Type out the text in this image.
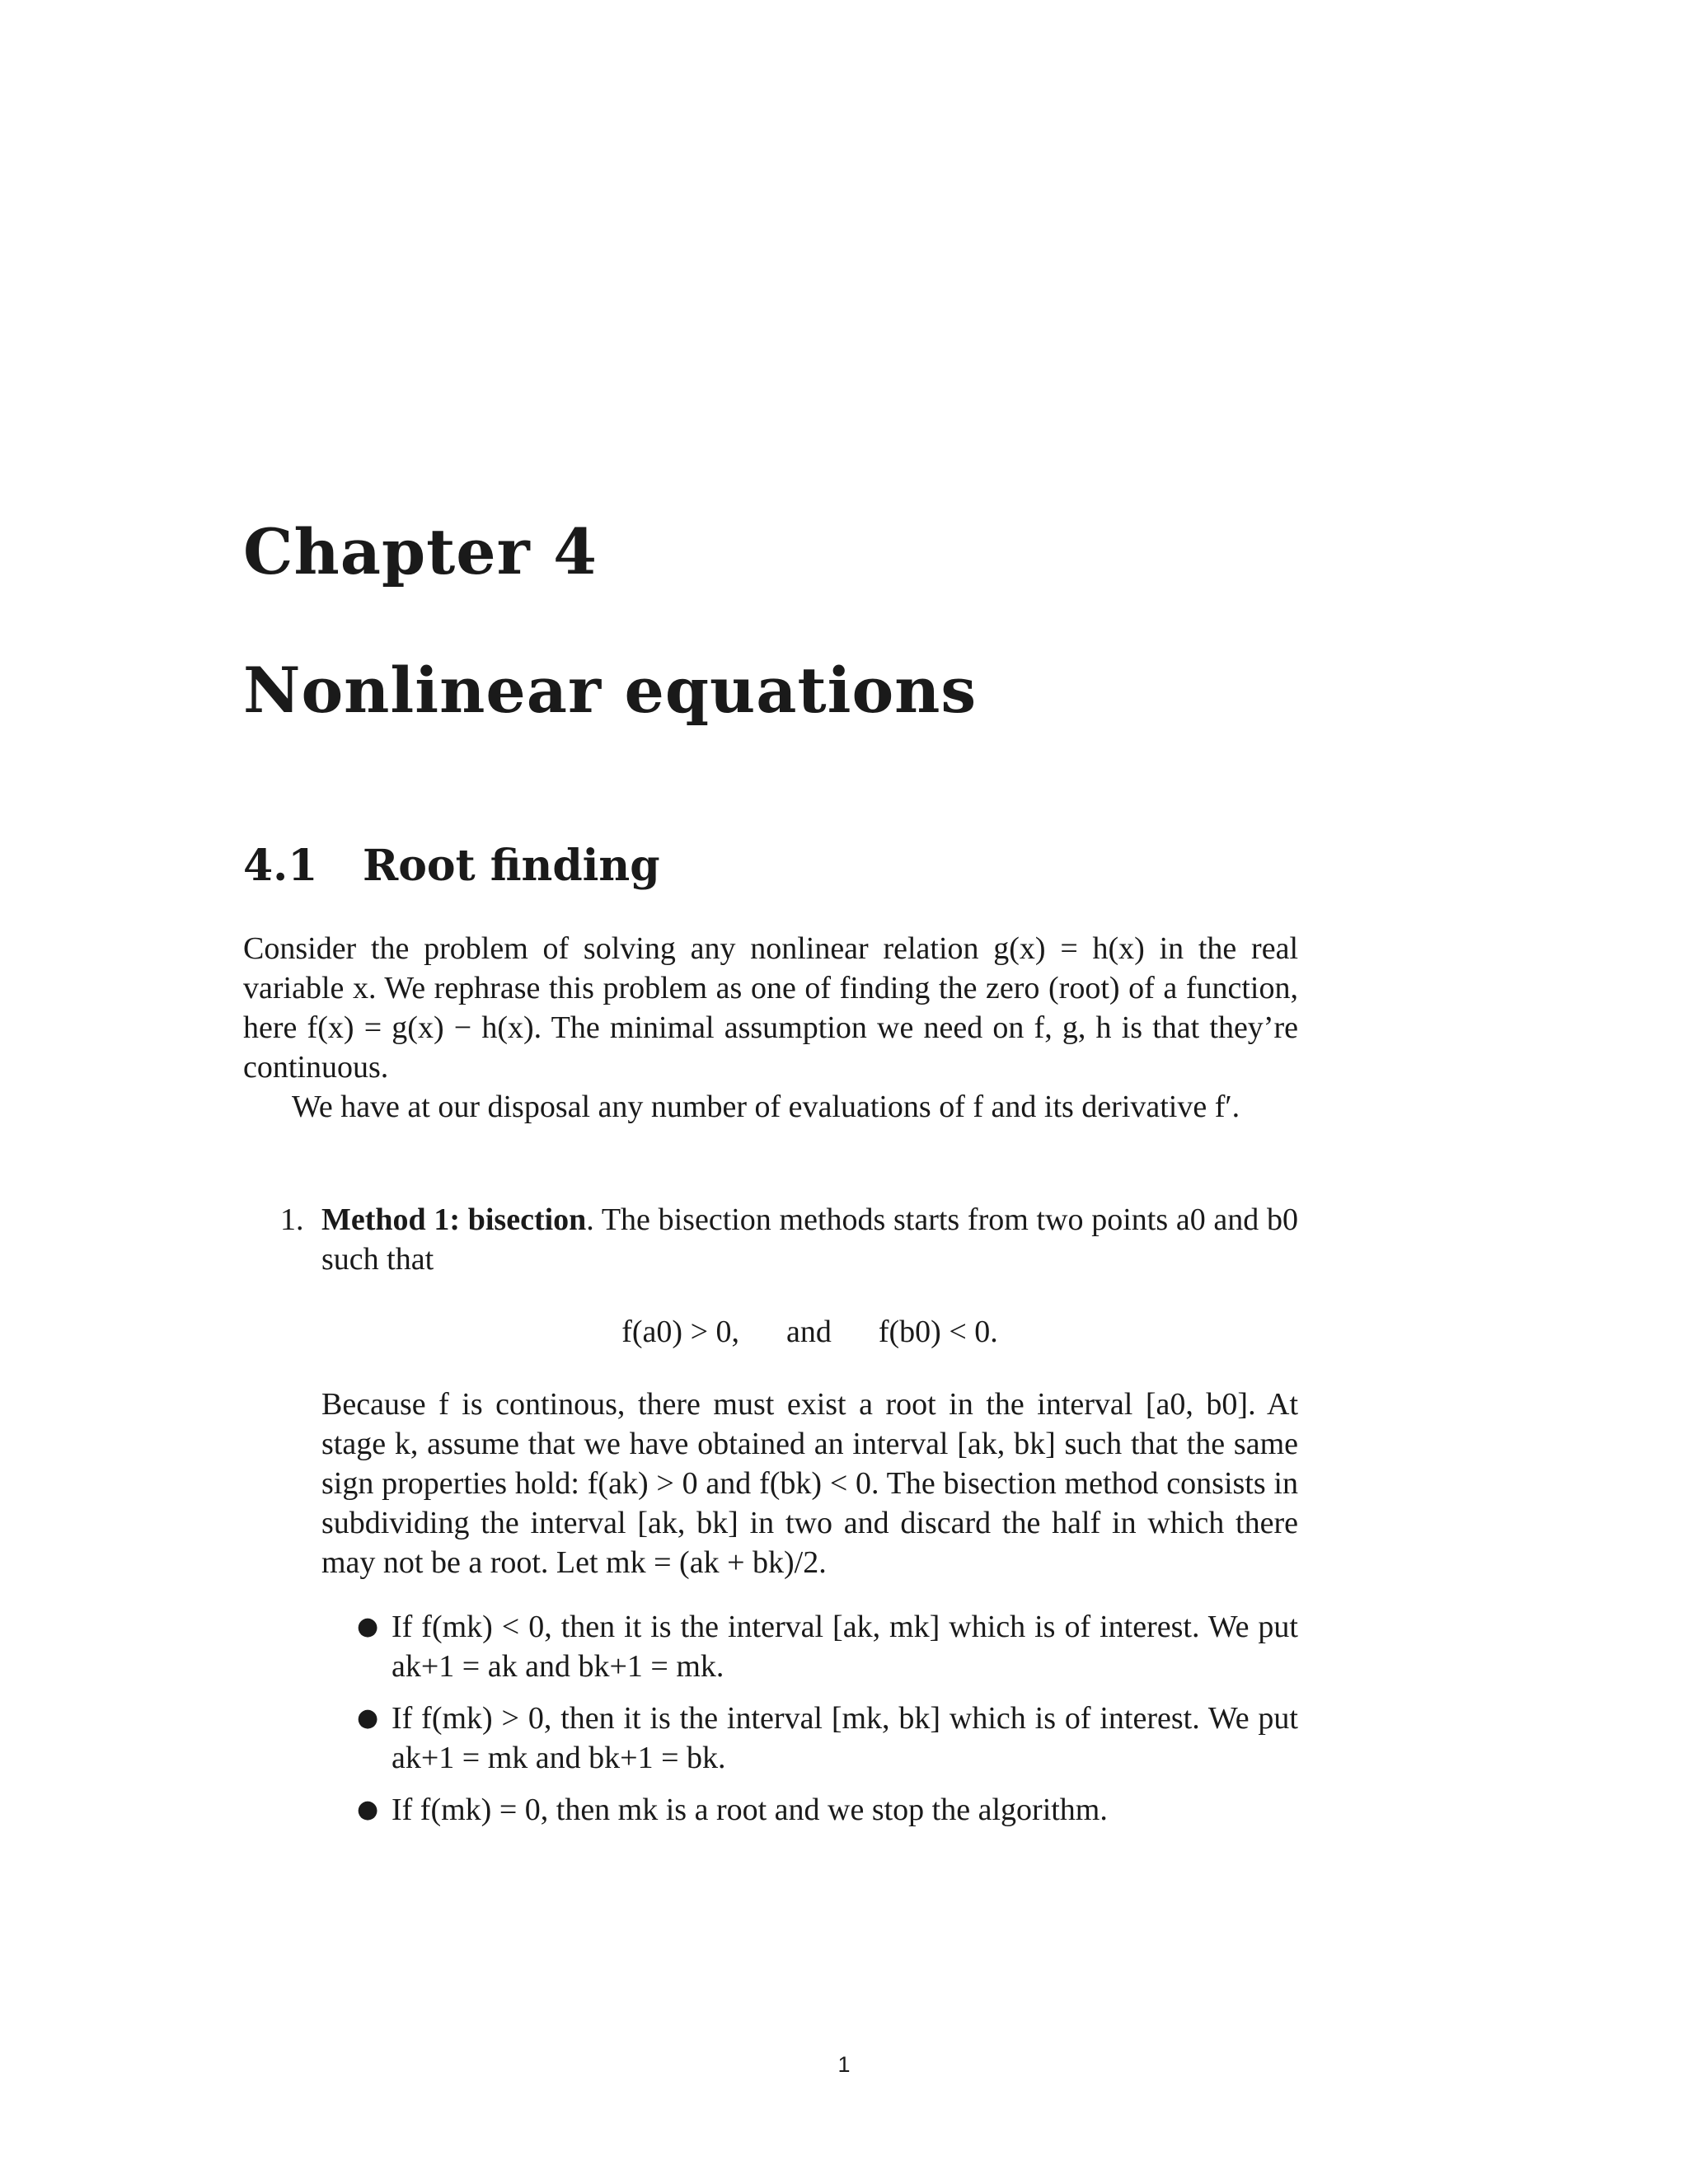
Chapter 4
Nonlinear equations
4.1 Root finding
Consider the problem of solving any nonlinear relation g(x) = h(x) in the real variable x. We rephrase this problem as one of finding the zero (root) of a function, here f(x) = g(x) − h(x). The minimal assumption we need on f, g, h is that they’re continuous.
We have at our disposal any number of evaluations of f and its derivative f′.
1. Method 1: bisection. The bisection methods starts from two points a0 and b0 such that
f(a0) > 0,      and      f(b0) < 0.
Because f is continous, there must exist a root in the interval [a0, b0]. At stage k, assume that we have obtained an interval [ak, bk] such that the same sign properties hold: f(ak) > 0 and f(bk) < 0. The bisection method consists in subdividing the interval [ak, bk] in two and discard the half in which there may not be a root. Let mk = (ak + bk)/2.
● If f(mk) < 0, then it is the interval [ak, mk] which is of interest. We put ak+1 = ak and bk+1 = mk.
● If f(mk) > 0, then it is the interval [mk, bk] which is of interest. We put ak+1 = mk and bk+1 = bk.
● If f(mk) = 0, then mk is a root and we stop the algorithm.
1
